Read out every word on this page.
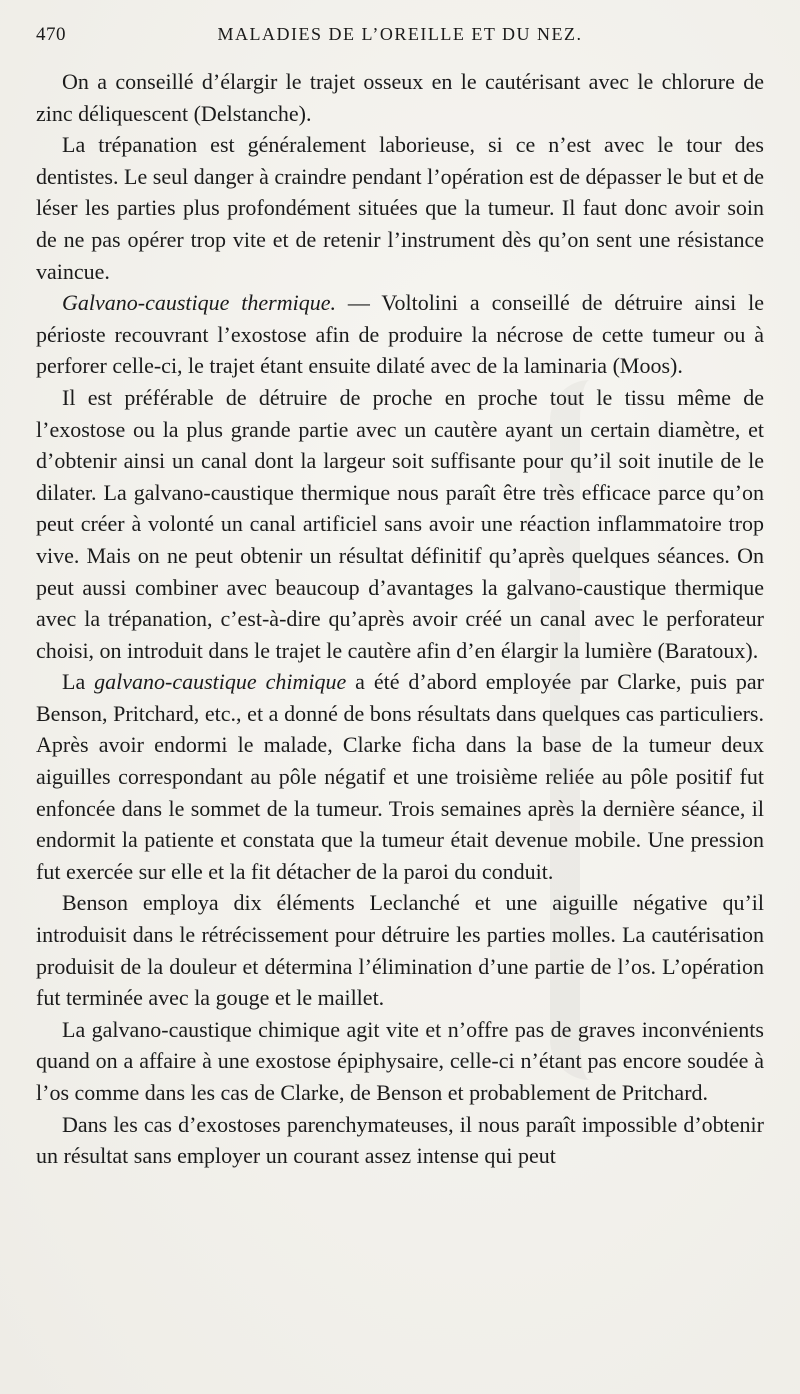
470	MALADIES DE L’OREILLE ET DU NEZ.

On a conseillé d’élargir le trajet osseux en le cautérisant avec le chlorure de zinc déliquescent (Delstanche).

La trépanation est généralement laborieuse, si ce n’est avec le tour des dentistes. Le seul danger à craindre pendant l’opération est de dépasser le but et de léser les parties plus profondément situées que la tumeur. Il faut donc avoir soin de ne pas opérer trop vite et de retenir l’instrument dès qu’on sent une résistance vaincue.

Galvano-caustique thermique. — Voltolini a conseillé de détruire ainsi le périoste recouvrant l’exostose afin de produire la nécrose de cette tumeur ou à perforer celle-ci, le trajet étant ensuite dilaté avec de la laminaria (Moos).

Il est préférable de détruire de proche en proche tout le tissu même de l’exostose ou la plus grande partie avec un cautère ayant un certain diamètre, et d’obtenir ainsi un canal dont la largeur soit suffisante pour qu’il soit inutile de le dilater. La galvano-caustique thermique nous paraît être très efficace parce qu’on peut créer à volonté un canal artificiel sans avoir une réaction inflammatoire trop vive. Mais on ne peut obtenir un résultat définitif qu’après quelques séances. On peut aussi combiner avec beaucoup d’avantages la galvano-caustique thermique avec la trépanation, c’est-à-dire qu’après avoir créé un canal avec le perforateur choisi, on introduit dans le trajet le cautère afin d’en élargir la lumière (Baratoux).

La galvano-caustique chimique a été d’abord employée par Clarke, puis par Benson, Pritchard, etc., et a donné de bons résultats dans quelques cas particuliers. Après avoir endormi le malade, Clarke ficha dans la base de la tumeur deux aiguilles correspondant au pôle négatif et une troisième reliée au pôle positif fut enfoncée dans le sommet de la tumeur. Trois semaines après la dernière séance, il endormit la patiente et constata que la tumeur était devenue mobile. Une pression fut exercée sur elle et la fit détacher de la paroi du conduit.

Benson employa dix éléments Leclanché et une aiguille négative qu’il introduisit dans le rétrécissement pour détruire les parties molles. La cautérisation produisit de la douleur et détermina l’élimination d’une partie de l’os. L’opération fut terminée avec la gouge et le maillet.

La galvano-caustique chimique agit vite et n’offre pas de graves inconvénients quand on a affaire à une exostose épiphysaire, celle-ci n’étant pas encore soudée à l’os comme dans les cas de Clarke, de Benson et probablement de Pritchard.

Dans les cas d’exostoses parenchymateuses, il nous paraît impossible d’obtenir un résultat sans employer un courant assez intense qui peut
